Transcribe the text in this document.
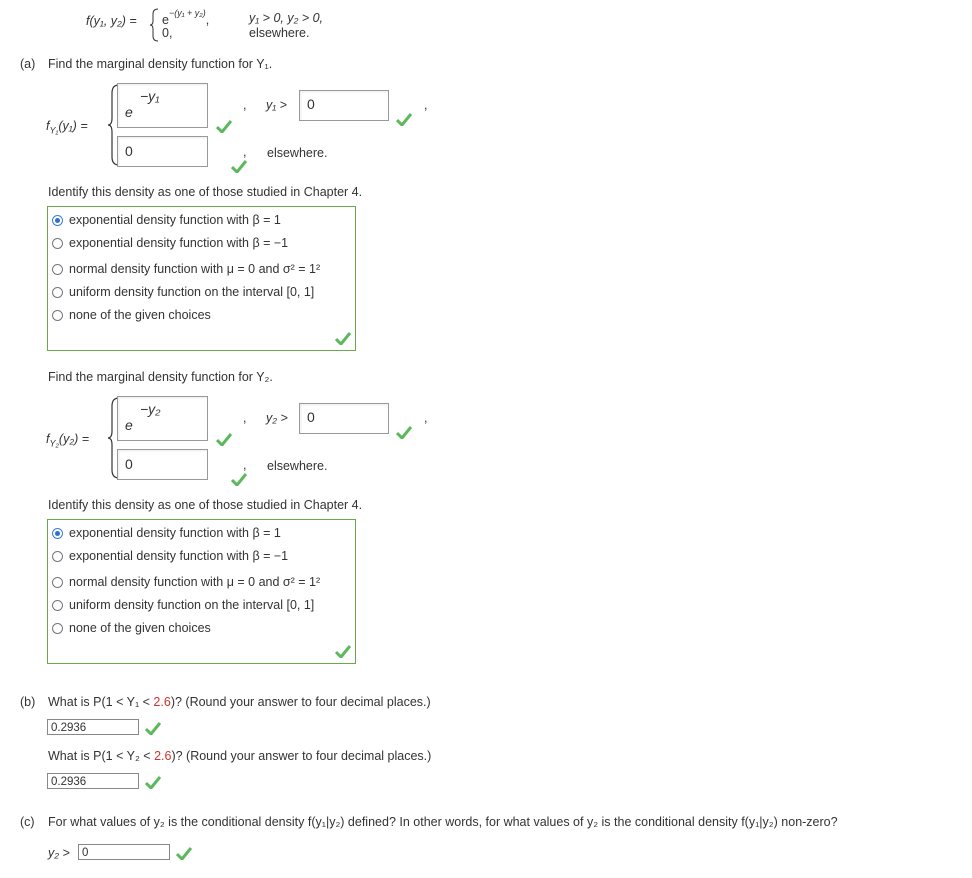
f(y₁, $y_2) = e^{-(y_1 + y_2)}$,
0,
y₁ > 0, y₂ > 0,
elsewhere.
(a) Find the marginal density function for Y₁.
$f_{Y_1}(y_1)$ =
e
−y₁
, y₁ > 0	,
0	, elsewhere.
Identify this density as one of those studied in Chapter 4.
exponential density function with β = 1
exponential density function with β = −1
normal density function with μ = 0 and σ² = 1²
uniform density function on the interval [0, 1]
none of the given choices
Find the marginal density function for Y₂.
$f_{Y_2}(y_2)$ =
e
−y₂
, y₂ > 0	,
0	, elsewhere.
Identify this density as one of those studied in Chapter 4.
exponential density function with β = 1
exponential density function with β = −1
normal density function with μ = 0 and σ² = 1²
uniform density function on the interval [0, 1]
none of the given choices
(b) What is P(1 < Y₁ < 2.6)? (Round your answer to four decimal places.)
0.2936
What is P(1 < Y₂ < 2.6)? (Round your answer to four decimal places.)
0.2936
(c) For what values of y₂ is the conditional density f(y₁|y₂) defined? In other words, for what values of y₂ is the conditional density f(y₁|y₂) non-zero?
y₂ >	0
